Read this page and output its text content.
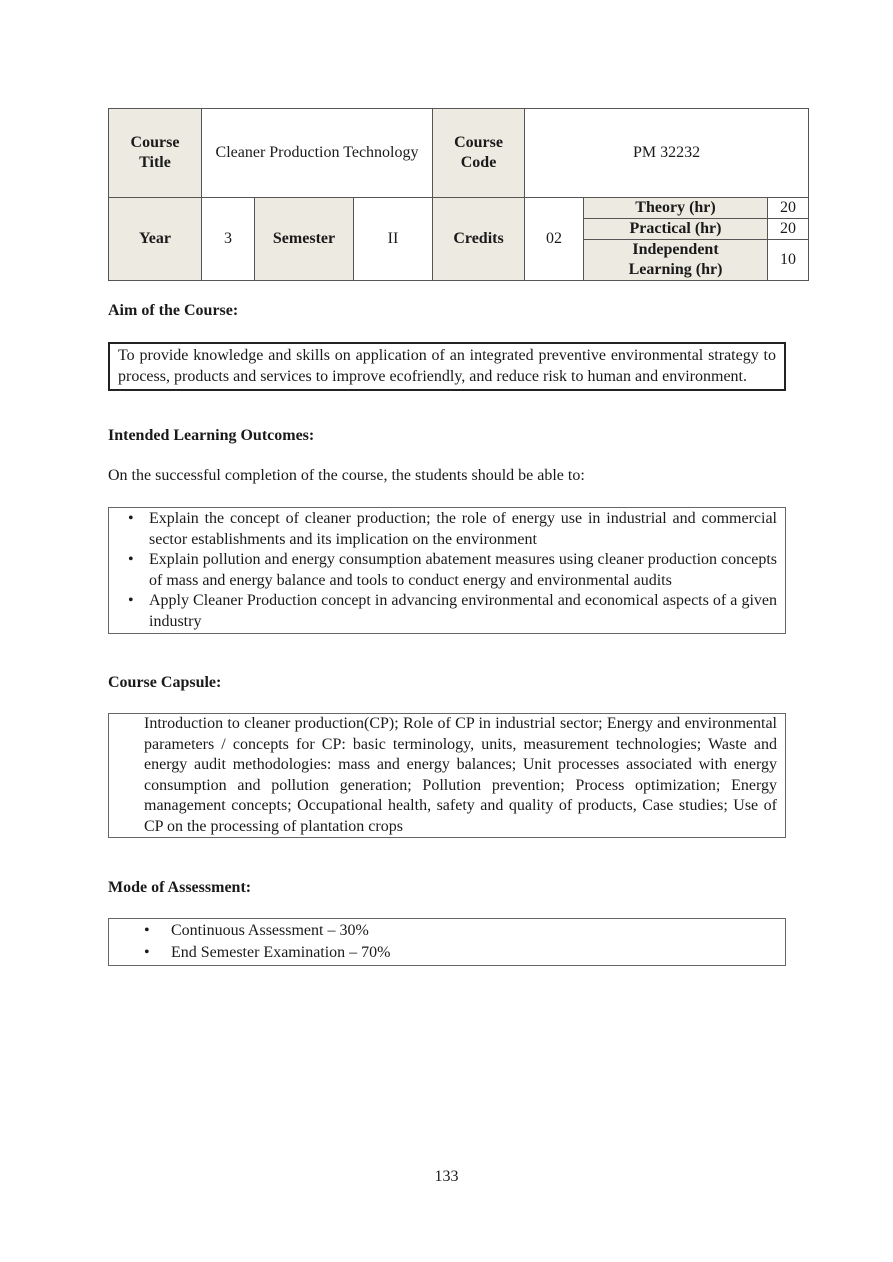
Course Title	Cleaner Production Technology			Course Code	PM 32232		
Year	3	Semester	II	Credits	02	Theory (hr)	20
						Practical (hr)	20
						Independent Learning (hr)	10
Aim of the Course:
To provide knowledge and skills on application of an integrated preventive environmental strategy to process, products and services to improve ecofriendly, and reduce risk to human and environment.
Intended Learning Outcomes:
On the successful completion of the course, the students should be able to:
• Explain the concept of cleaner production; the role of energy use in industrial and commercial sector establishments and its implication on the environment
• Explain pollution and energy consumption abatement measures using cleaner production concepts of mass and energy balance and tools to conduct energy and environmental audits
• Apply Cleaner Production concept in advancing environmental and economical aspects of a given industry
Course Capsule:
Introduction to cleaner production(CP); Role of CP in industrial sector; Energy and environmental parameters / concepts for CP: basic terminology, units, measurement technologies; Waste and energy audit methodologies: mass and energy balances; Unit processes associated with energy consumption and pollution generation; Pollution prevention; Process optimization; Energy management concepts; Occupational health, safety and quality of products, Case studies; Use of CP on the processing of plantation crops
Mode of Assessment:
• Continuous Assessment – 30%
• End Semester Examination – 70%
133
